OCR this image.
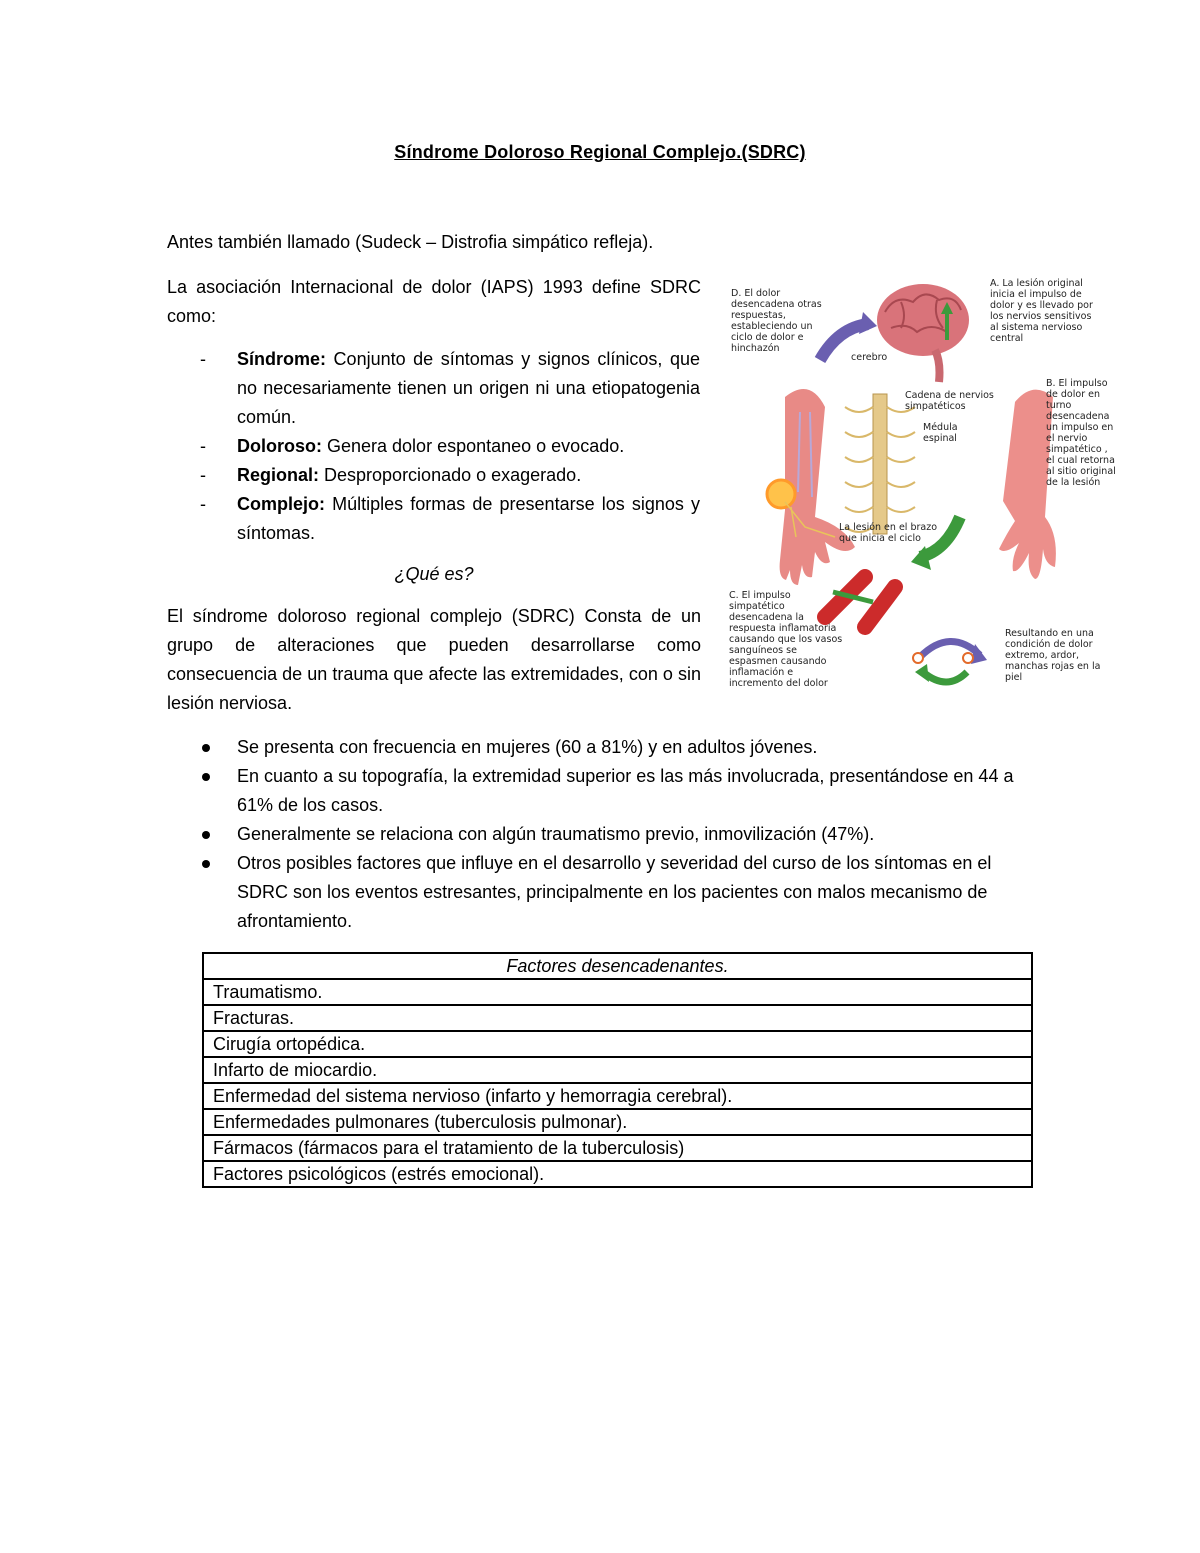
Síndrome Doloroso Regional Complejo.(SDRC)
Antes también llamado (Sudeck – Distrofia simpático refleja).
La asociación Internacional de dolor (IAPS) 1993 define SDRC como:
- Síndrome: Conjunto de síntomas y signos clínicos, que no necesariamente tienen un origen ni una etiopatogenia común.
- Doloroso: Genera dolor espontaneo o evocado.
- Regional: Desproporcionado o exagerado.
- Complejo: Múltiples formas de presentarse los signos y síntomas.
¿Qué es?
El síndrome doloroso regional complejo (SDRC) Consta de un grupo de alteraciones que pueden desarrollarse como consecuencia de un trauma que afecte las extremidades, con o sin lesión nerviosa.
D. El dolor desencadena otras respuestas, estableciendo un ciclo de dolor e hinchazón
A. La lesión original inicia el impulso de dolor y es llevado por los nervios sensitivos al sistema nervioso central
cerebro
Cadena de nervios simpatéticos
Médula espinal
B. El impulso de dolor en turno desencadena un impulso en el nervio simpatético , el cual retorna al sitio original de la lesión
La lesión en el brazo que inicia el ciclo
C. El impulso simpatético desencadena la respuesta inflamatoria causando que los vasos sanguíneos se espasmen causando inflamación e incremento del dolor
Resultando en una condición de dolor extremo, ardor, manchas rojas en la piel
Se presenta con frecuencia en mujeres (60 a 81%) y en adultos jóvenes.
En cuanto a su topografía, la extremidad superior es las más involucrada, presentándose en 44 a 61% de los casos.
Generalmente se relaciona con algún traumatismo previo, inmovilización (47%).
Otros posibles factores que influye en el desarrollo y severidad del curso de los síntomas en el SDRC son los eventos estresantes, principalmente en los pacientes con malos mecanismo de afrontamiento.
Factores desencadenantes.
Traumatismo.
Fracturas.
Cirugía ortopédica.
Infarto de miocardio.
Enfermedad del sistema nervioso (infarto y hemorragia cerebral).
Enfermedades pulmonares (tuberculosis pulmonar).
Fármacos (fármacos para el tratamiento de la tuberculosis)
Factores psicológicos (estrés emocional).
